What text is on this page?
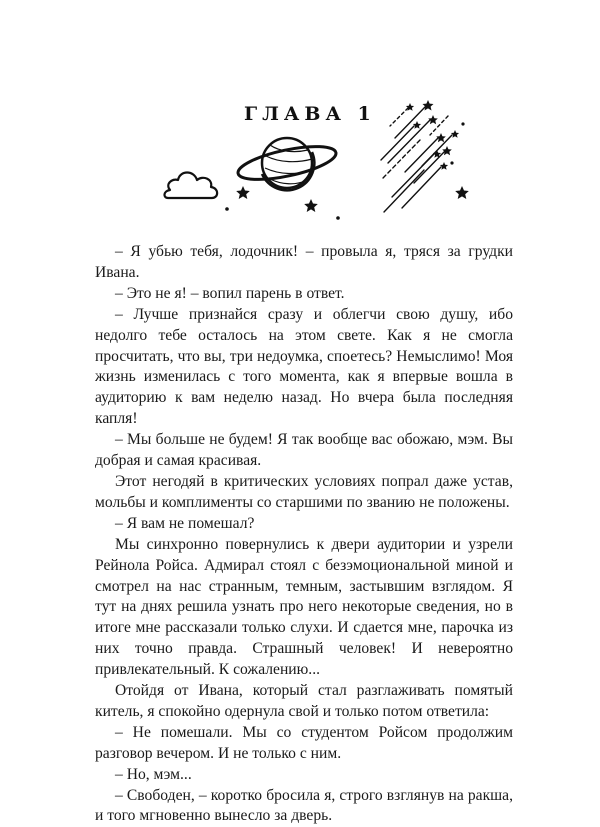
ГЛАВА 1

– Я убью тебя, лодочник! – провыла я, тряся за грудки Ивана.

– Это не я! – вопил парень в ответ.

– Лучше признайся сразу и облегчи свою душу, ибо недолго тебе осталось на этом свете. Как я не смогла просчитать, что вы, три недоумка, споетесь? Немыслимо! Моя жизнь изменилась с того момента, как я впервые вошла в аудиторию к вам неделю назад. Но вчера была последняя капля!

– Мы больше не будем! Я так вообще вас обожаю, мэм. Вы добрая и самая красивая.

Этот негодяй в критических условиях попрал даже устав, мольбы и комплименты со старшими по званию не положены.

– Я вам не помешал?

Мы синхронно повернулись к двери аудитории и узрели Рейнола Ройса. Адмирал стоял с безэмоциональной миной и смотрел на нас странным, темным, застывшим взглядом. Я тут на днях решила узнать про него некоторые сведения, но в итоге мне рассказали только слухи. И сдается мне, парочка из них точно правда. Страшный человек! И невероятно привлекательный. К сожалению...

Отойдя от Ивана, который стал разглаживать помятый китель, я спокойно одернула свой и только потом ответила:

– Не помешали. Мы со студентом Ройсом продолжим разговор вечером. И не только с ним.

– Но, мэм...

– Свободен, – коротко бросила я, строго взглянув на ракша, и того мгновенно вынесло за дверь.
